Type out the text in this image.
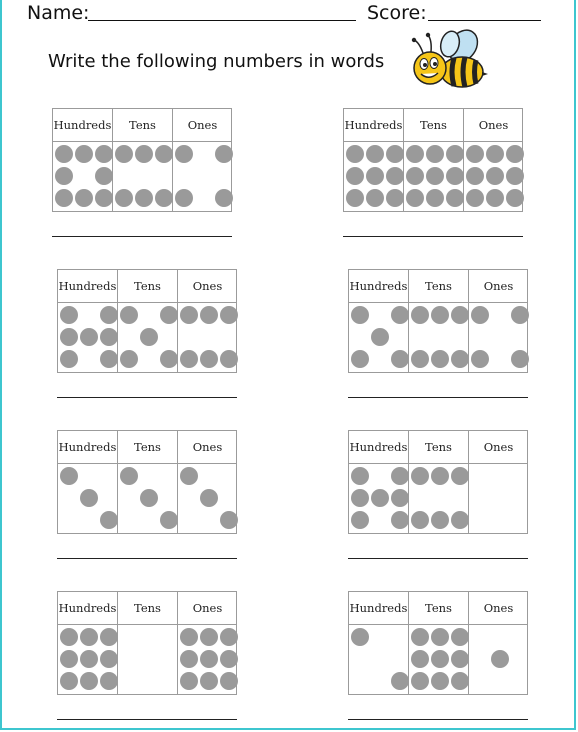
Name:	Score:
Write the following numbers in words
Hundreds	Tens	Ones	Hundreds	Tens	Ones
Hundreds	Tens	Ones	Hundreds	Tens	Ones
Hundreds	Tens	Ones	Hundreds	Tens	Ones
Hundreds	Tens	Ones	Hundreds	Tens	Ones
